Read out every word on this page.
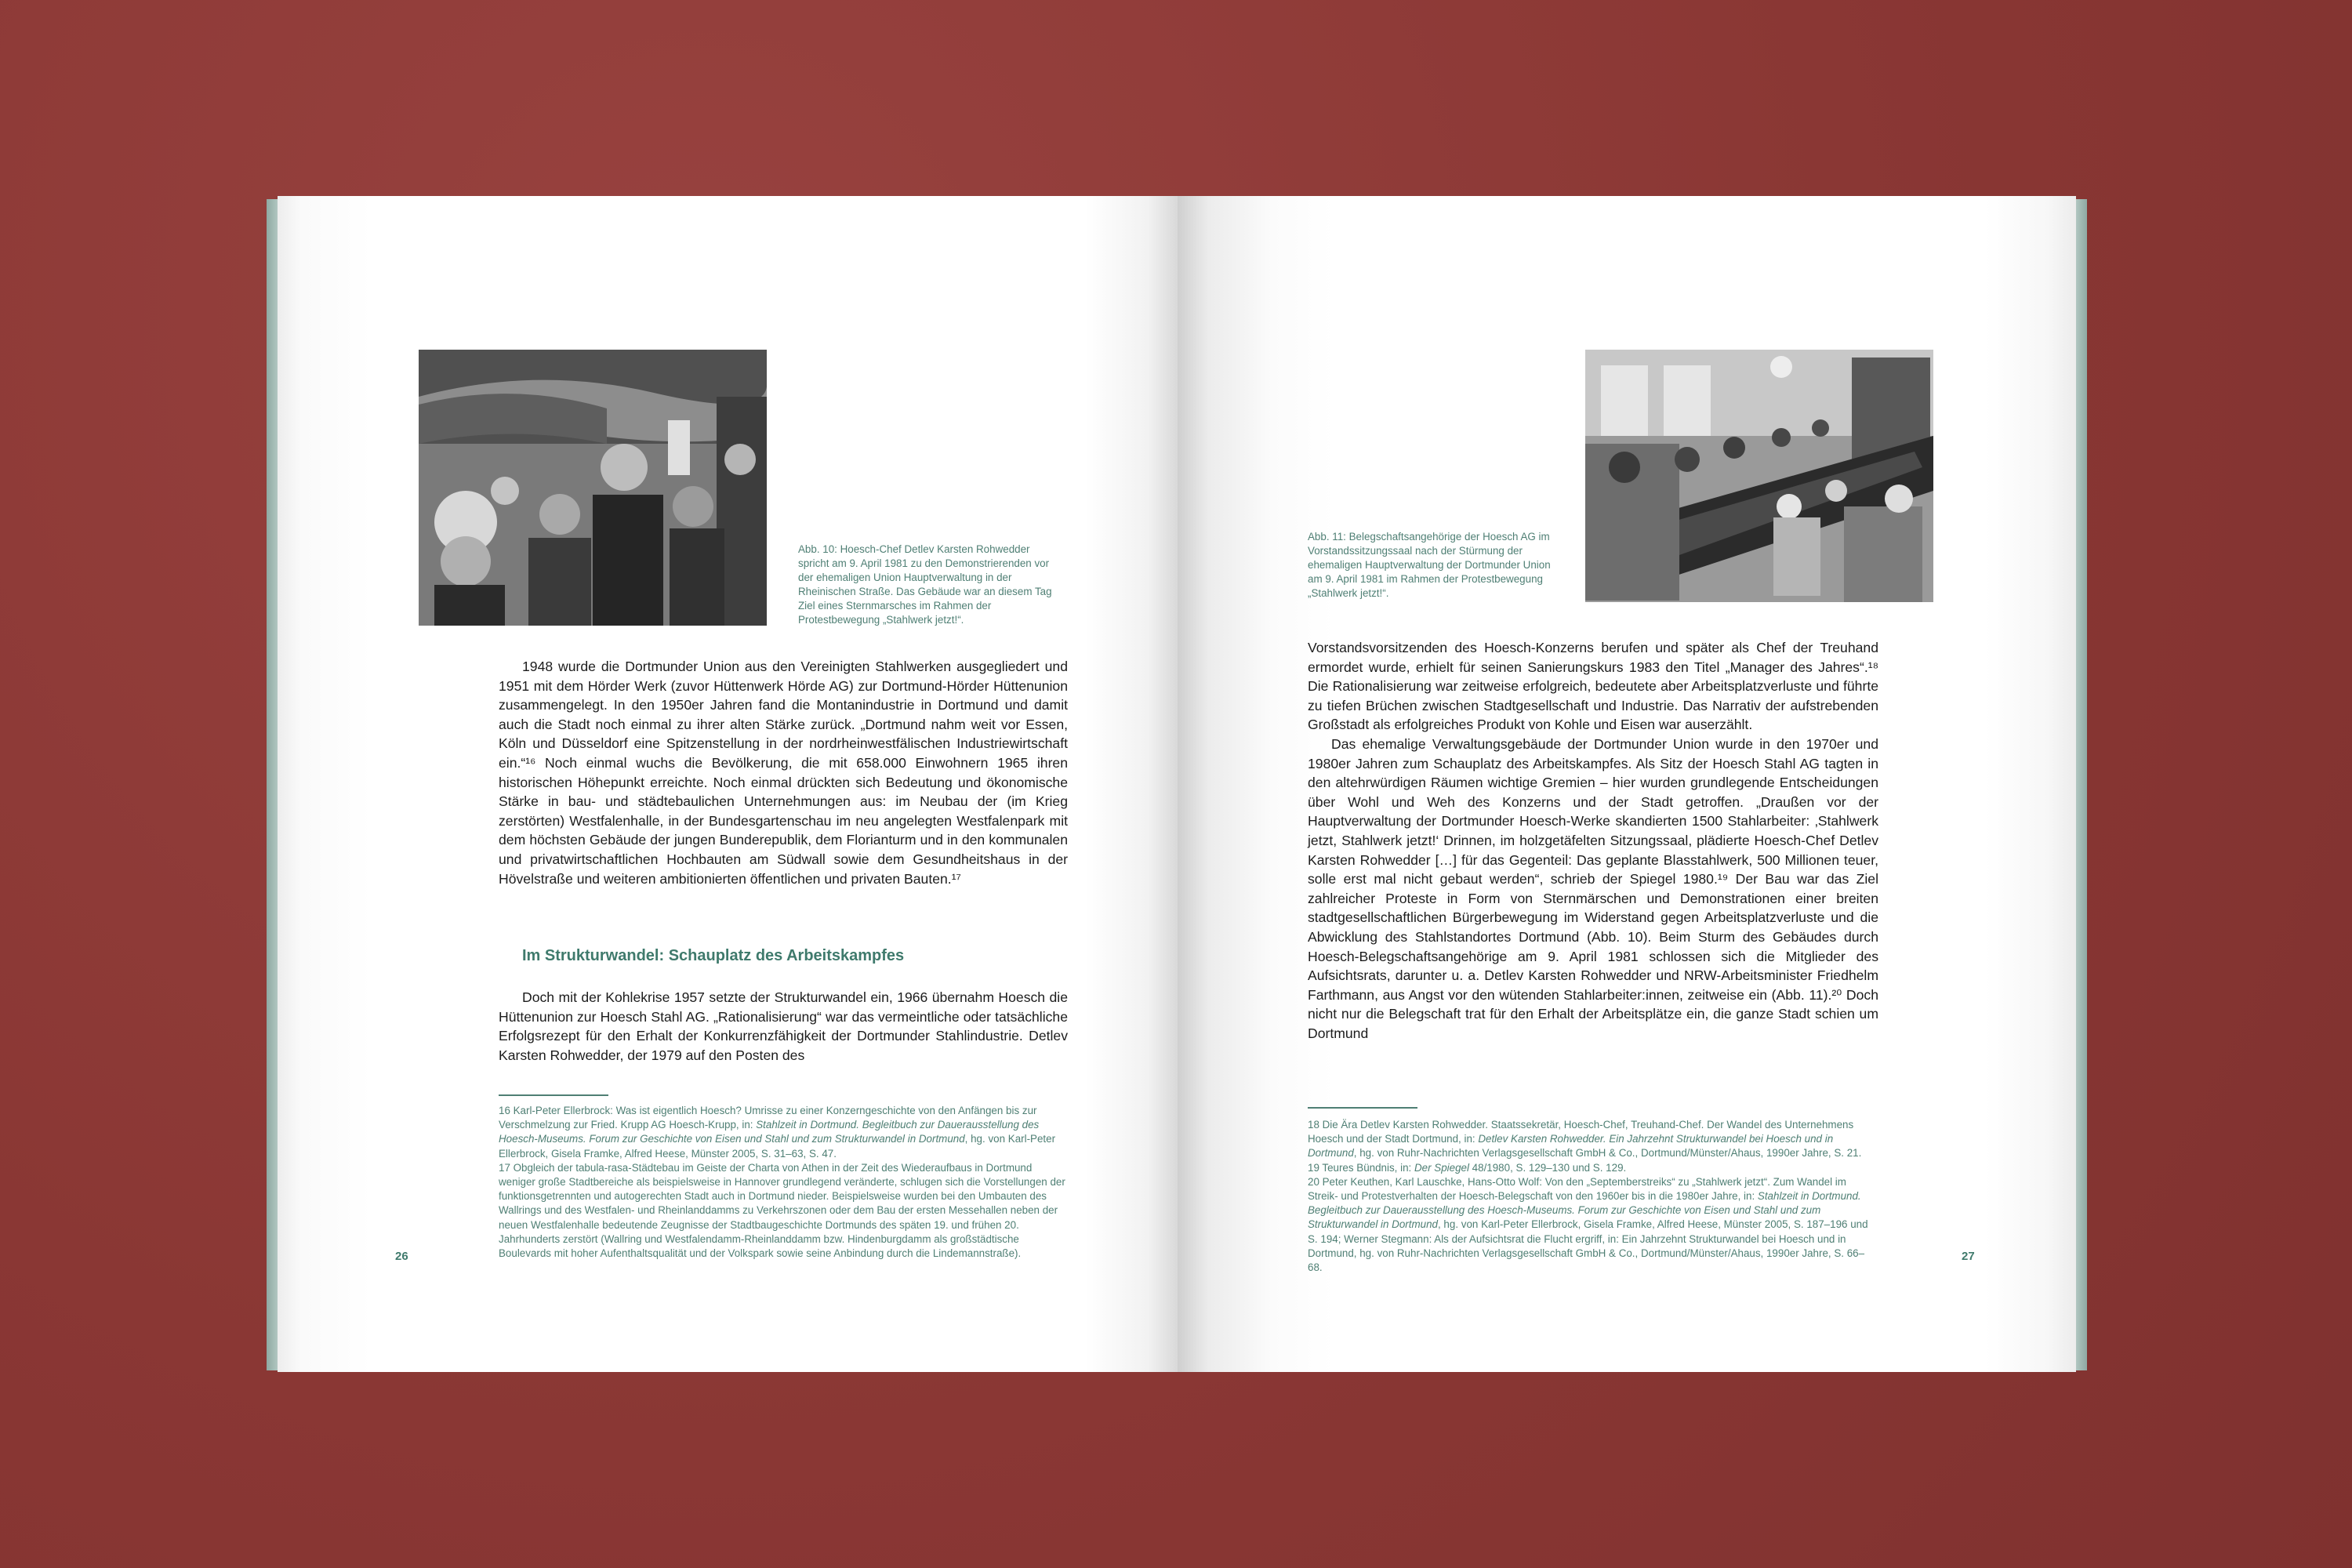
Abb. 10: Hoesch-Chef Detlev Karsten Rohwedder spricht am 9. April 1981 zu den Demonstrierenden vor der ehemaligen Union Hauptverwaltung in der Rheinischen Straße. Das Gebäude war an diesem Tag Ziel eines Sternmarsches im Rahmen der Protestbewegung „Stahlwerk jetzt!“.

1948 wurde die Dortmunder Union aus den Vereinigten Stahlwerken ausgegliedert und 1951 mit dem Hörder Werk (zuvor Hüttenwerk Hörde AG) zur Dortmund-Hörder Hüttenunion zusammengelegt. In den 1950er Jahren fand die Montanindustrie in Dortmund und damit auch die Stadt noch einmal zu ihrer alten Stärke zurück. „Dortmund nahm weit vor Essen, Köln und Düsseldorf eine Spitzenstellung in der nordrheinwestfälischen Industriewirtschaft ein.“¹⁶ Noch einmal wuchs die Bevölkerung, die mit 658.000 Einwohnern 1965 ihren historischen Höhepunkt erreichte. Noch einmal drückten sich Bedeutung und ökonomische Stärke in bau- und städtebaulichen Unternehmungen aus: im Neubau der (im Krieg zerstörten) Westfalenhalle, in der Bundesgartenschau im neu angelegten Westfalenpark mit dem höchsten Gebäude der jungen Bunderepublik, dem Florianturm und in den kommunalen und privatwirtschaftlichen Hochbauten am Südwall sowie dem Gesundheitshaus in der Hövelstraße und weiteren ambitionierten öffentlichen und privaten Bauten.¹⁷

Im Strukturwandel: Schauplatz des Arbeitskampfes

Doch mit der Kohlekrise 1957 setzte der Strukturwandel ein, 1966 übernahm Hoesch die Hüttenunion zur Hoesch Stahl AG. „Rationalisierung“ war das vermeintliche oder tatsächliche Erfolgsrezept für den Erhalt der Konkurrenzfähigkeit der Dortmunder Stahlindustrie. Detlev Karsten Rohwedder, der 1979 auf den Posten des

16 Karl-Peter Ellerbrock: Was ist eigentlich Hoesch? Umrisse zu einer Konzerngeschichte von den Anfängen bis zur Verschmelzung zur Fried. Krupp AG Hoesch-Krupp, in: Stahlzeit in Dortmund. Begleitbuch zur Dauerausstellung des Hoesch-Museums. Forum zur Geschichte von Eisen und Stahl und zum Strukturwandel in Dortmund, hg. von Karl-Peter Ellerbrock, Gisela Framke, Alfred Heese, Münster 2005, S. 31–63, S. 47.

17 Obgleich der tabula-rasa-Städtebau im Geiste der Charta von Athen in der Zeit des Wiederaufbaus in Dortmund weniger große Stadtbereiche als beispielsweise in Hannover grundlegend veränderte, schlugen sich die Vorstellungen der funktionsgetrennten und autogerechten Stadt auch in Dortmund nieder. Beispielsweise wurden bei den Umbauten des Wallrings und des Westfalen- und Rheinlanddamms zu Verkehrszonen oder dem Bau der ersten Messehallen neben der neuen Westfalenhalle bedeutende Zeugnisse der Stadtbaugeschichte Dortmunds des späten 19. und frühen 20. Jahrhunderts zerstört (Wallring und Westfalendamm-Rheinlanddamm bzw. Hindenburgdamm als großstädtische Boulevards mit hoher Aufenthaltsqualität und der Volkspark sowie seine Anbindung durch die Lindemannstraße).

26
Abb. 11: Belegschaftsangehörige der Hoesch AG im Vorstandssitzungssaal nach der Stürmung der ehemaligen Hauptverwaltung der Dortmunder Union am 9. April 1981 im Rahmen der Protestbewegung „Stahlwerk jetzt!“.

Vorstandsvorsitzenden des Hoesch-Konzerns berufen und später als Chef der Treuhand ermordet wurde, erhielt für seinen Sanierungskurs 1983 den Titel „Manager des Jahres“.¹⁸ Die Rationalisierung war zeitweise erfolgreich, bedeutete aber Arbeitsplatzverluste und führte zu tiefen Brüchen zwischen Stadtgesellschaft und Industrie. Das Narrativ der aufstrebenden Großstadt als erfolgreiches Produkt von Kohle und Eisen war auserzählt.

Das ehemalige Verwaltungsgebäude der Dortmunder Union wurde in den 1970er und 1980er Jahren zum Schauplatz des Arbeitskampfes. Als Sitz der Hoesch Stahl AG tagten in den altehrwürdigen Räumen wichtige Gremien – hier wurden grundlegende Entscheidungen über Wohl und Weh des Konzerns und der Stadt getroffen. „Draußen vor der Hauptverwaltung der Dortmunder Hoesch-Werke skandierten 1500 Stahlarbeiter: ‚Stahlwerk jetzt, Stahlwerk jetzt!‘ Drinnen, im holzgetäfelten Sitzungssaal, plädierte Hoesch-Chef Detlev Karsten Rohwedder […] für das Gegenteil: Das geplante Blasstahlwerk, 500 Millionen teuer, solle erst mal nicht gebaut werden“, schrieb der Spiegel 1980.¹⁹ Der Bau war das Ziel zahlreicher Proteste in Form von Sternmärschen und Demonstrationen einer breiten stadtgesellschaftlichen Bürgerbewegung im Widerstand gegen Arbeitsplatzverluste und die Abwicklung des Stahlstandortes Dortmund (Abb. 10). Beim Sturm des Gebäudes durch Hoesch-Belegschaftsangehörige am 9. April 1981 schlossen sich die Mitglieder des Aufsichtsrats, darunter u. a. Detlev Karsten Rohwedder und NRW-Arbeitsminister Friedhelm Farthmann, aus Angst vor den wütenden Stahlarbeiter:innen, zeitweise ein (Abb. 11).²⁰ Doch nicht nur die Belegschaft trat für den Erhalt der Arbeitsplätze ein, die ganze Stadt schien um Dortmund

18 Die Ära Detlev Karsten Rohwedder. Staatssekretär, Hoesch-Chef, Treuhand-Chef. Der Wandel des Unternehmens Hoesch und der Stadt Dortmund, in: Detlev Karsten Rohwedder. Ein Jahrzehnt Strukturwandel bei Hoesch und in Dortmund, hg. von Ruhr-Nachrichten Verlagsgesellschaft GmbH & Co., Dortmund/Münster/Ahaus, 1990er Jahre, S. 21.

19 Teures Bündnis, in: Der Spiegel 48/1980, S. 129–130 und S. 129.

20 Peter Keuthen, Karl Lauschke, Hans-Otto Wolf: Von den „Septemberstreiks“ zu „Stahlwerk jetzt“. Zum Wandel im Streik- und Protestverhalten der Hoesch-Belegschaft von den 1960er bis in die 1980er Jahre, in: Stahlzeit in Dortmund. Begleitbuch zur Dauerausstellung des Hoesch-Museums. Forum zur Geschichte von Eisen und Stahl und zum Strukturwandel in Dortmund, hg. von Karl-Peter Ellerbrock, Gisela Framke, Alfred Heese, Münster 2005, S. 187–196 und S. 194; Werner Stegmann: Als der Aufsichtsrat die Flucht ergriff, in: Ein Jahrzehnt Strukturwandel bei Hoesch und in Dortmund, hg. von Ruhr-Nachrichten Verlagsgesellschaft GmbH & Co., Dortmund/Münster/Ahaus, 1990er Jahre, S. 66–68.

27
